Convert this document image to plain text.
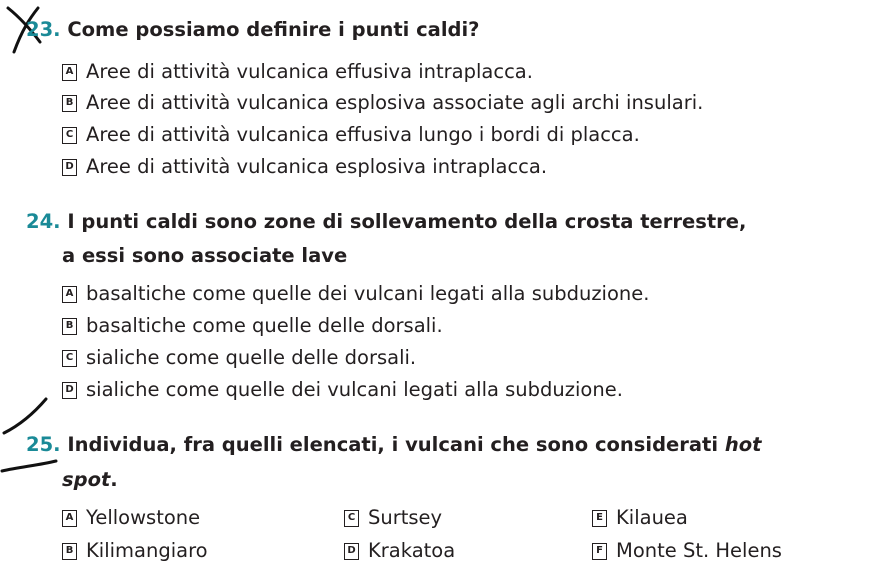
23. Come possiamo definire i punti caldi?
A Aree di attività vulcanica effusiva intraplacca.
B Aree di attività vulcanica esplosiva associate agli archi insulari.
C Aree di attività vulcanica effusiva lungo i bordi di placca.
D Aree di attività vulcanica esplosiva intraplacca.
24. I punti caldi sono zone di sollevamento della crosta terrestre,
a essi sono associate lave
A basaltiche come quelle dei vulcani legati alla subduzione.
B basaltiche come quelle delle dorsali.
C sialiche come quelle delle dorsali.
D sialiche come quelle dei vulcani legati alla subduzione.
25. Individua, fra quelli elencati, i vulcani che sono considerati hot
spot.
A Yellowstone
B Kilimangiaro
C Surtsey
D Krakatoa
E Kilauea
F Monte St. Helens
